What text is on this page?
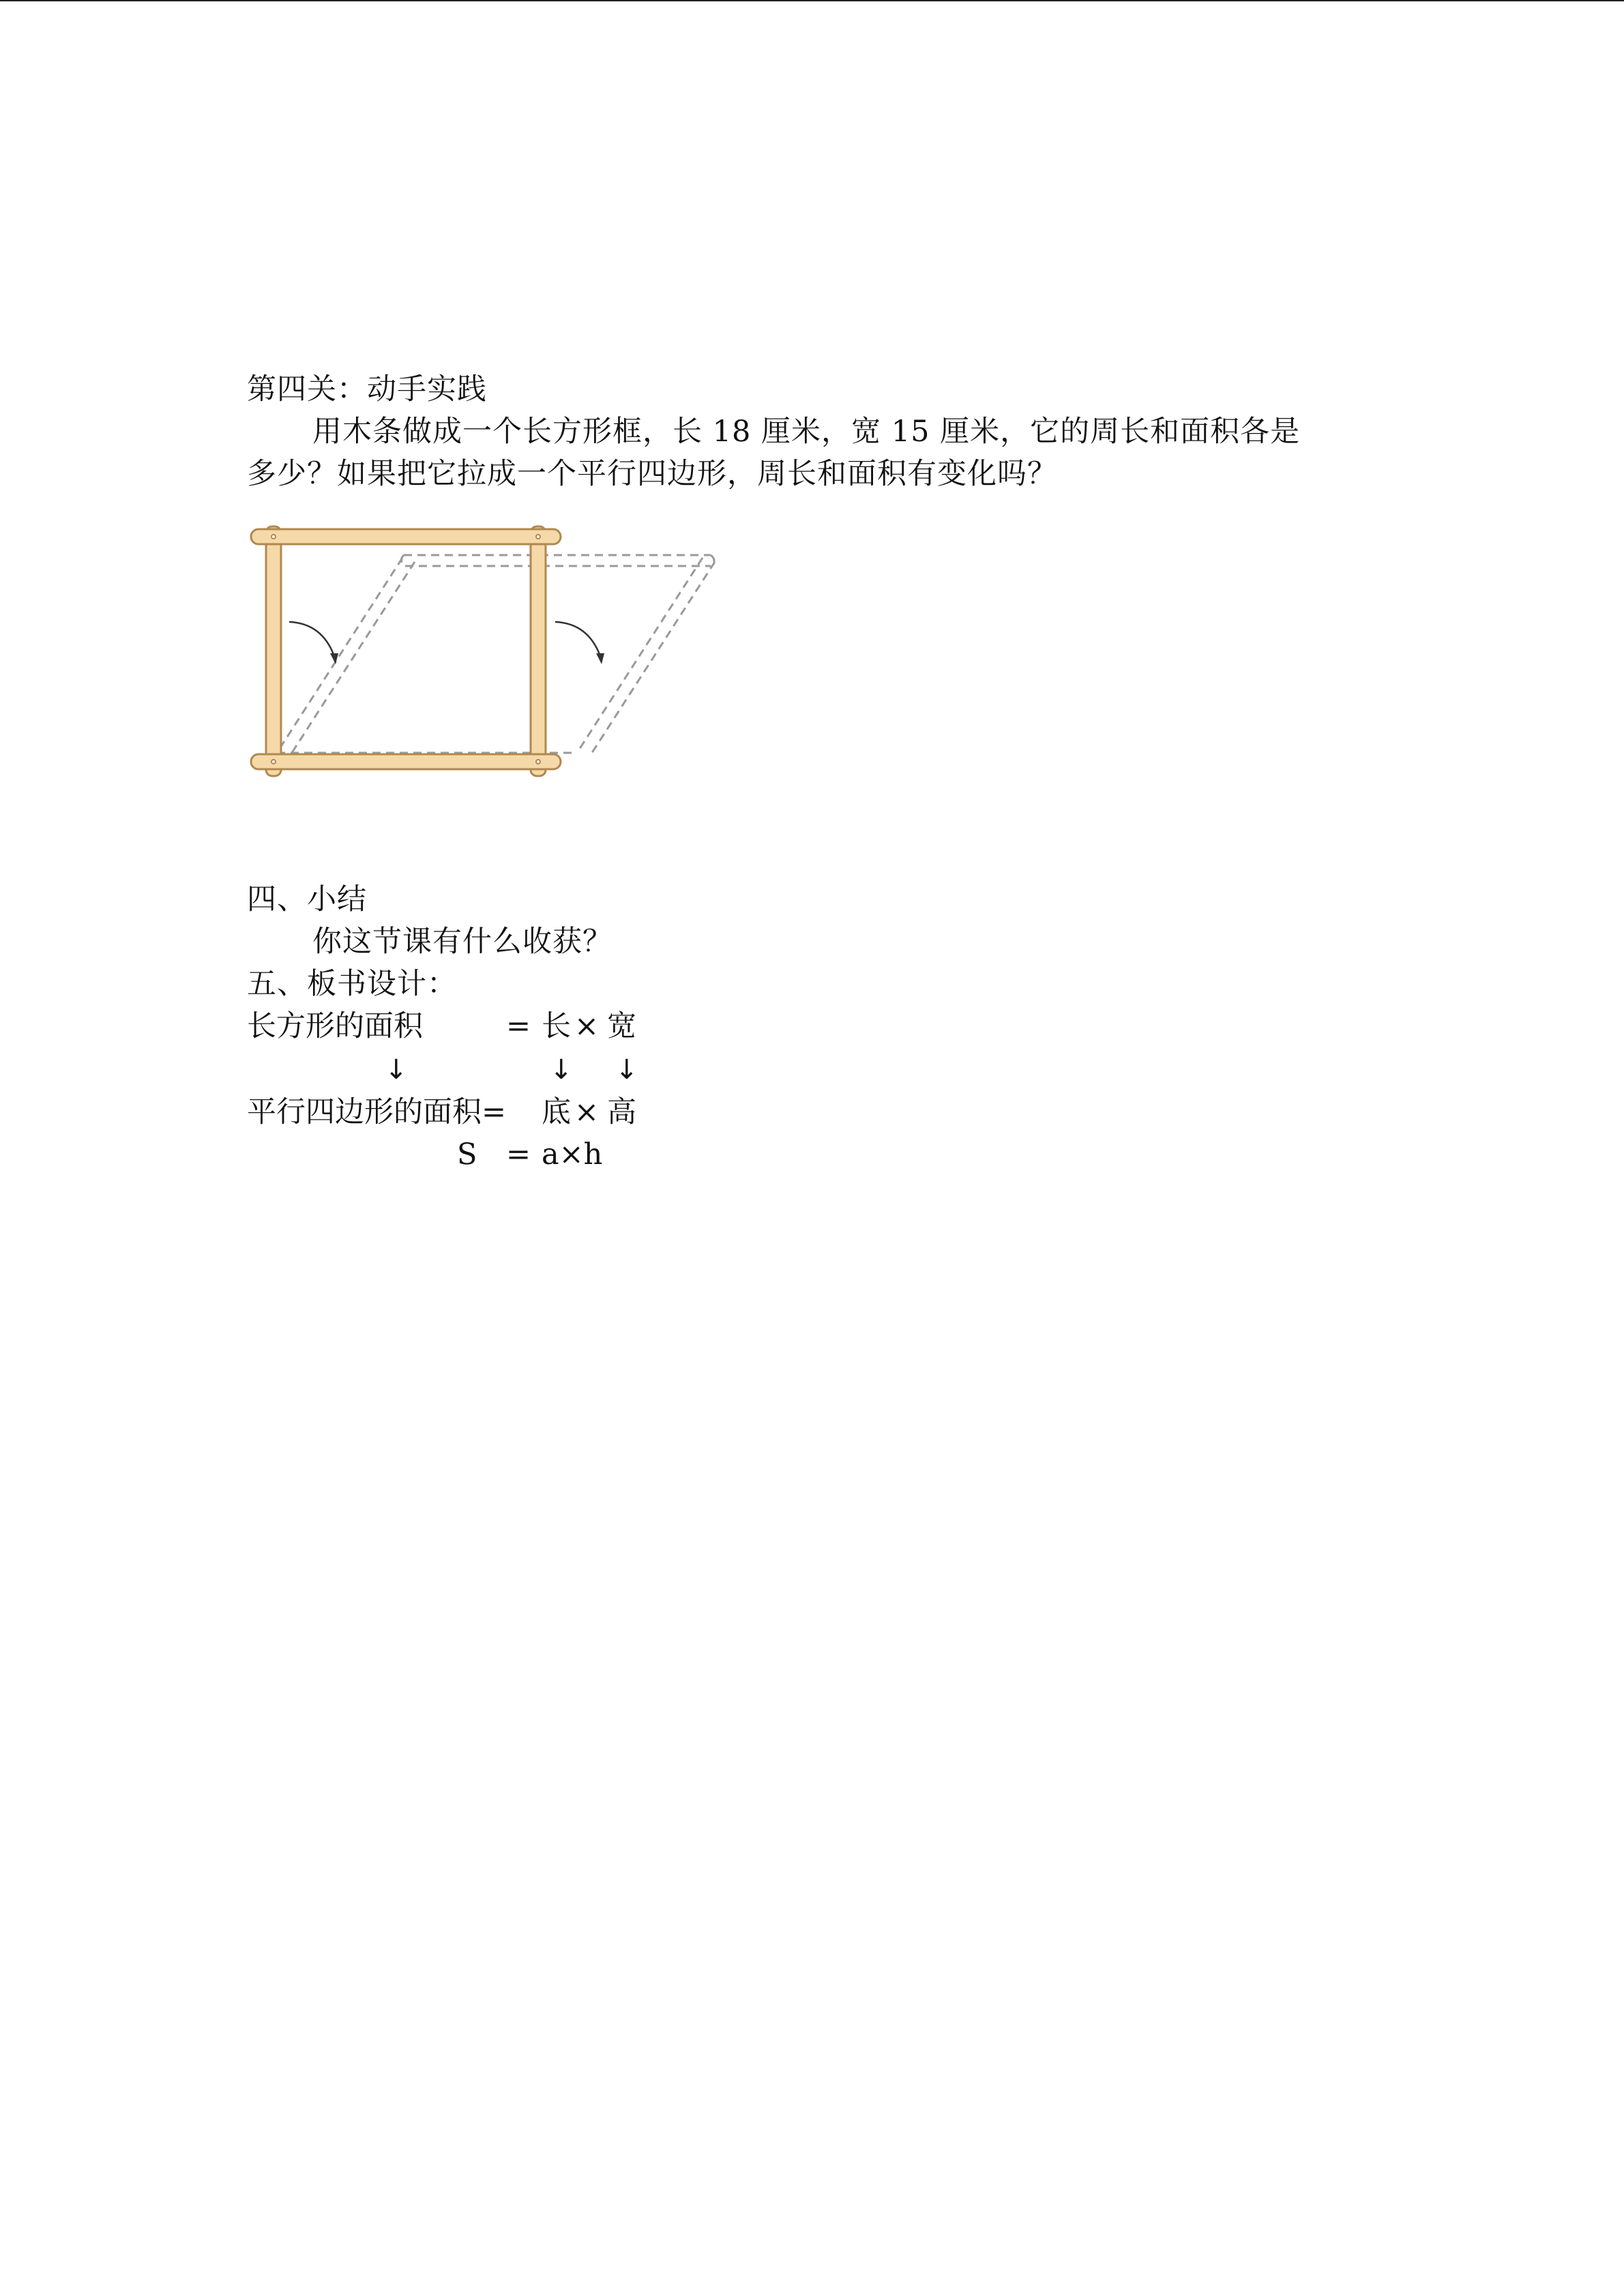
第四关：动手实践
用木条做成一个长方形框，长 18 厘米，宽 15 厘米，它的周长和面积各是
多少？如果把它拉成一个平行四边形，周长和面积有变化吗？
四、小结
你这节课有什么收获？
五、板书设计：
长方形的面积	= 长 × 宽
↓	↓ ↓
平行四边形的面积= 底 × 高
S = a×h
